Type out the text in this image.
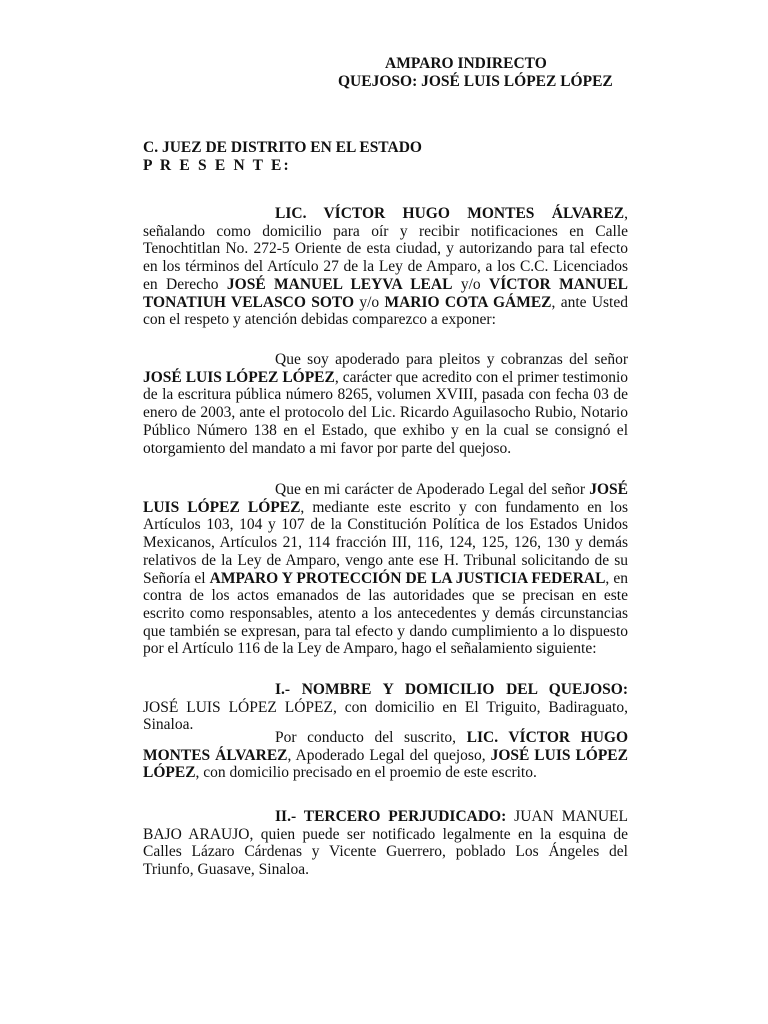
AMPARO INDIRECTO
QUEJOSO: JOSÉ LUIS LÓPEZ LÓPEZ
C. JUEZ DE DISTRITO EN EL ESTADO
P R E S E N T E:

LIC. VÍCTOR HUGO MONTES ÁLVAREZ, señalando como domicilio para oír y recibir notificaciones en Calle Tenochtitlan No. 272-5 Oriente de esta ciudad, y autorizando para tal efecto en los términos del Artículo 27 de la Ley de Amparo, a los C.C. Licenciados en Derecho JOSÉ MANUEL LEYVA LEAL y/o VÍCTOR MANUEL TONATIUH VELASCO SOTO y/o MARIO COTA GÁMEZ, ante Usted con el respeto y atención debidas comparezco a exponer:

Que soy apoderado para pleitos y cobranzas del señor JOSÉ LUIS LÓPEZ LÓPEZ, carácter que acredito con el primer testimonio de la escritura pública número 8265, volumen XVIII, pasada con fecha 03 de enero de 2003, ante el protocolo del Lic. Ricardo Aguilasocho Rubio, Notario Público Número 138 en el Estado, que exhibo y en la cual se consignó el otorgamiento del mandato a mi favor por parte del quejoso.

Que en mi carácter de Apoderado Legal del señor JOSÉ LUIS LÓPEZ LÓPEZ, mediante este escrito y con fundamento en los Artículos 103, 104 y 107 de la Constitución Política de los Estados Unidos Mexicanos, Artículos 21, 114 fracción III, 116, 124, 125, 126, 130 y demás relativos de la Ley de Amparo, vengo ante ese H. Tribunal solicitando de su Señoría el AMPARO Y PROTECCIÓN DE LA JUSTICIA FEDERAL, en contra de los actos emanados de las autoridades que se precisan en este escrito como responsables, atento a los antecedentes y demás circunstancias que también se expresan, para tal efecto y dando cumplimiento a lo dispuesto por el Artículo 116 de la Ley de Amparo, hago el señalamiento siguiente:

I.- NOMBRE Y DOMICILIO DEL QUEJOSO: JOSÉ LUIS LÓPEZ LÓPEZ, con domicilio en El Triguito, Badiraguato, Sinaloa.

Por conducto del suscrito, LIC. VÍCTOR HUGO MONTES ÁLVAREZ, Apoderado Legal del quejoso, JOSÉ LUIS LÓPEZ LÓPEZ, con domicilio precisado en el proemio de este escrito.

II.- TERCERO PERJUDICADO: JUAN MANUEL BAJO ARAUJO, quien puede ser notificado legalmente en la esquina de Calles Lázaro Cárdenas y Vicente Guerrero, poblado Los Ángeles del Triunfo, Guasave, Sinaloa.
